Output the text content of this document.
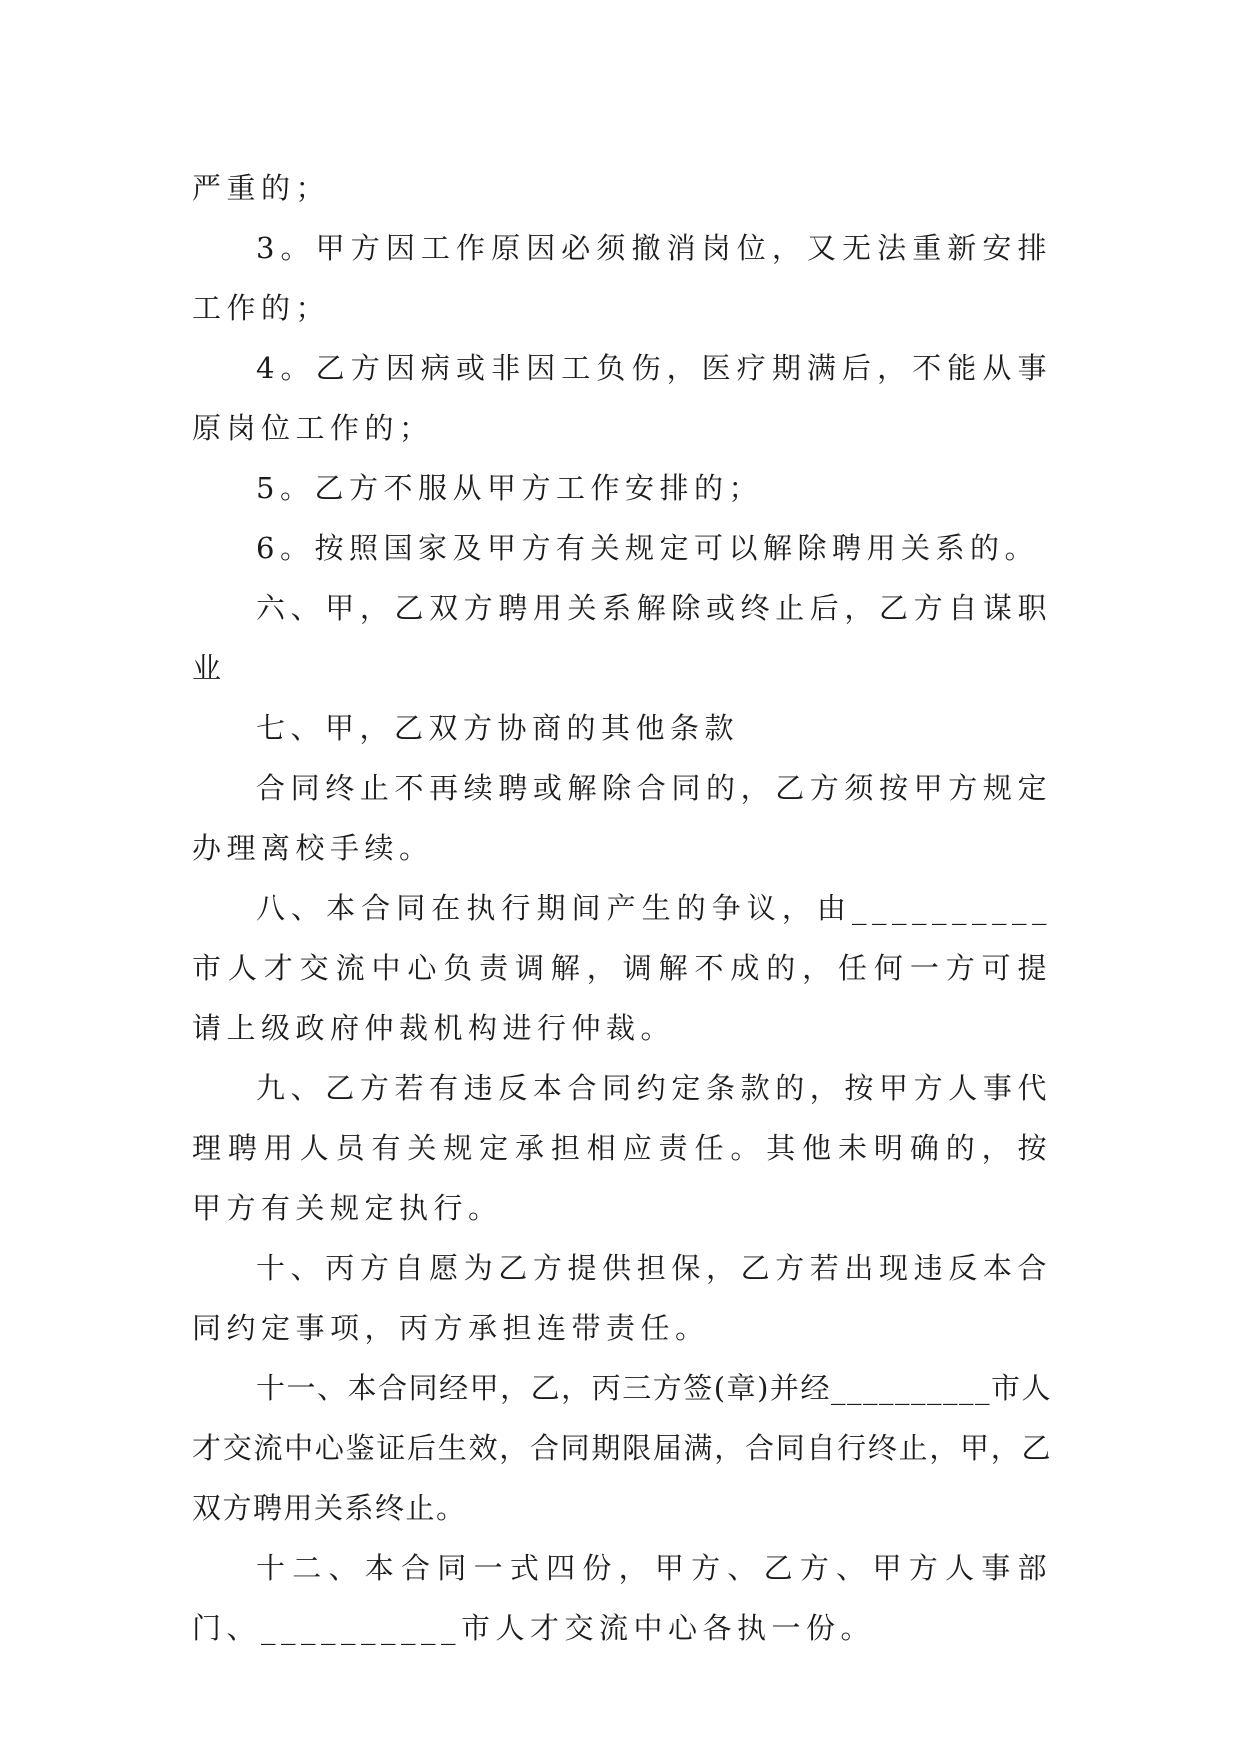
严重的；

3。甲方因工作原因必须撤消岗位，又无法重新安排工作的；

4。乙方因病或非因工负伤，医疗期满后，不能从事原岗位工作的；

5。乙方不服从甲方工作安排的；

6。按照国家及甲方有关规定可以解除聘用关系的。

六、甲，乙双方聘用关系解除或终止后，乙方自谋职业

七、甲，乙双方协商的其他条款

合同终止不再续聘或解除合同的，乙方须按甲方规定办理离校手续。

八、本合同在执行期间产生的争议，由__________市人才交流中心负责调解，调解不成的，任何一方可提请上级政府仲裁机构进行仲裁。

九、乙方若有违反本合同约定条款的，按甲方人事代理聘用人员有关规定承担相应责任。其他未明确的，按甲方有关规定执行。

十、丙方自愿为乙方提供担保，乙方若出现违反本合同约定事项，丙方承担连带责任。

十一、本合同经甲，乙，丙三方签(章)并经__________市人才交流中心鉴证后生效，合同期限届满，合同自行终止，甲，乙双方聘用关系终止。

十二、本合同一式四份，甲方、乙方、甲方人事部门、__________市人才交流中心各执一份。
